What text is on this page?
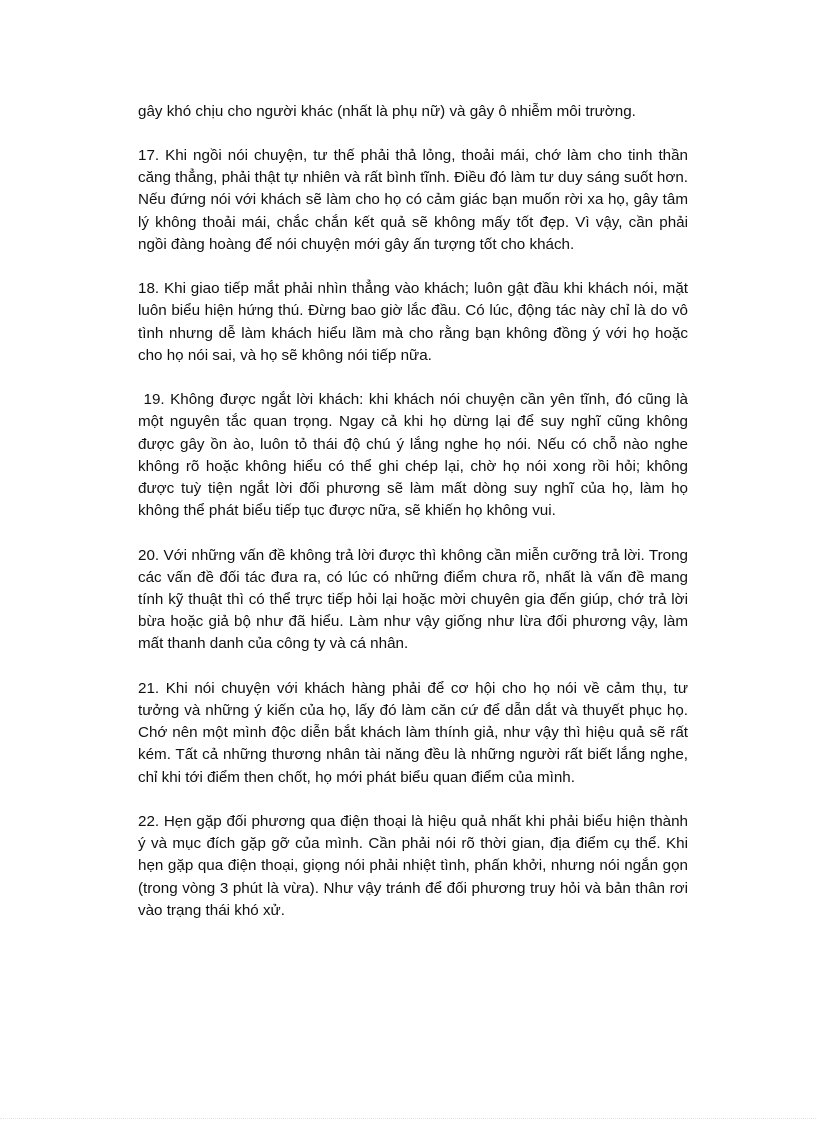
gây khó chịu cho người khác (nhất là phụ nữ) và gây ô nhiễm môi trường.

17. Khi ngồi nói chuyện, tư thế phải thả lỏng, thoải mái, chớ làm cho tinh thần căng thẳng, phải thật tự nhiên và rất bình tĩnh. Điều đó làm tư duy sáng suốt hơn. Nếu đứng nói với khách sẽ làm cho họ có cảm giác bạn muốn rời xa họ, gây tâm lý không thoải mái, chắc chắn kết quả sẽ không mấy tốt đẹp. Vì vậy, cần phải ngồi đàng hoàng để nói chuyện mới gây ấn tượng tốt cho khách.

18. Khi giao tiếp mắt phải nhìn thẳng vào khách; luôn gật đầu khi khách nói, mặt luôn biểu hiện hứng thú. Đừng bao giờ lắc đầu. Có lúc, động tác này chỉ là do vô tình nhưng dễ làm khách hiểu lầm mà cho rằng bạn không đồng ý với họ hoặc cho họ nói sai, và họ sẽ không nói tiếp nữa.

19. Không được ngắt lời khách: khi khách nói chuyện cần yên tĩnh, đó cũng là một nguyên tắc quan trọng. Ngay cả khi họ dừng lại để suy nghĩ cũng không được gây ồn ào, luôn tỏ thái độ chú ý lắng nghe họ nói. Nếu có chỗ nào nghe không rõ hoặc không hiểu có thể ghi chép lại, chờ họ nói xong rồi hỏi; không được tuỳ tiện ngắt lời đối phương sẽ làm mất dòng suy nghĩ của họ, làm họ không thể phát biểu tiếp tục được nữa, sẽ khiến họ không vui.

20. Với những vấn đề không trả lời được thì không cần miễn cưỡng trả lời. Trong các vấn đề đối tác đưa ra, có lúc có những điểm chưa rõ, nhất là vấn đề mang tính kỹ thuật thì có thể trực tiếp hỏi lại hoặc mời chuyên gia đến giúp, chớ trả lời bừa hoặc giả bộ như đã hiểu. Làm như vậy giống như lừa đối phương vậy, làm mất thanh danh của công ty và cá nhân.

21. Khi nói chuyện với khách hàng phải để cơ hội cho họ nói về cảm thụ, tư tưởng và những ý kiến của họ, lấy đó làm căn cứ để dẫn dắt và thuyết phục họ. Chớ nên một mình độc diễn bắt khách làm thính giả, như vậy thì hiệu quả sẽ rất kém. Tất cả những thương nhân tài năng đều là những người rất biết lắng nghe, chỉ khi tới điểm then chốt, họ mới phát biểu quan điểm của mình.

22. Hẹn gặp đối phương qua điện thoại là hiệu quả nhất khi phải biểu hiện thành ý và mục đích gặp gỡ của mình. Cần phải nói rõ thời gian, địa điểm cụ thể. Khi hẹn gặp qua điện thoại, giọng nói phải nhiệt tình, phấn khởi, nhưng nói ngắn gọn (trong vòng 3 phút là vừa). Như vậy tránh để đối phương truy hỏi và bản thân rơi vào trạng thái khó xử.
